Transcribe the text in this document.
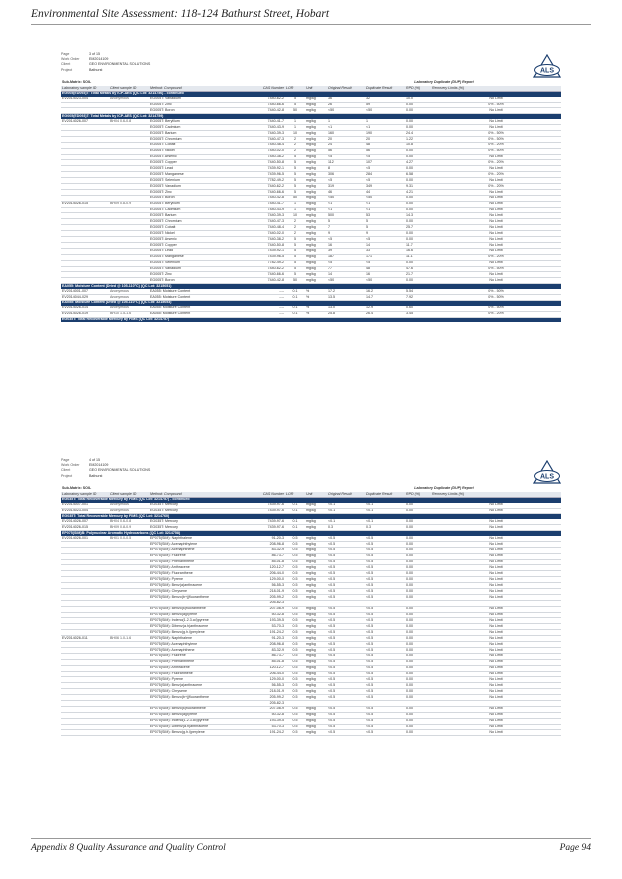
Environmental Site Assessment: 118-124 Bathurst Street, Hobart
Page	3 of 15
Work Order	EM2014109
Client	GEO ENVIRONMENTAL SOLUTIONS
Project	Bathurst	ALS
Sub-Matrix: SOIL						Laboratory Duplicate (DUP) Report			
Laboratory sample ID	Client sample ID	Method: Compound	CAS Number	LOR	Unit	Original Result	Duplicate Result	RPD (%)	Recovery Limits (%)
EG005(ED093)T: Total Metals by ICP-AES (QC Lot: 3214756) - continued									
EV2014023-004	Anonymous	EG005T: Vanadium	7440-62-2	5	mg/kg	36	32	10.0	No Limit
		EG005T: Zinc	7440-66-6	5	mg/kg	26	59	0.00	0% - 50%
		EG005T: Boron	7440-42-8	50	mg/kg	<50	<50	0.00	No Limit
EG005(ED093)T: Total Metals by ICP-AES (QC Lot: 3214759)									
EV2014026-007	BH04 0.6-0.8	EG005T: Beryllium	7440-41-7	1	mg/kg	1	1	0.00	No Limit
		EG005T: Cadmium	7440-43-9	1	mg/kg	<1	<1	0.00	No Limit
		EG005T: Barium	7440-39-3	10	mg/kg	160	190	24.4	0% - 50%
		EG005T: Chromium	7440-47-3	2	mg/kg	20	20	1.22	0% - 50%
		EG005T: Cobalt	7440-48-4	2	mg/kg	24	48	10.8	0% - 20%
		EG005T: Nickel	7440-02-0	2	mg/kg	56	56	0.00	0% - 50%
		EG005T: Arsenic	7440-38-2	5	mg/kg	<5	<5	0.00	No Limit
		EG005T: Copper	7440-50-8	5	mg/kg	112	107	4.27	0% - 20%
		EG005T: Lead	7439-92-1	5	mg/kg	8	<5	0.00	No Limit
		EG005T: Manganese	7439-96-5	5	mg/kg	306	284	6.58	0% - 20%
		EG005T: Selenium	7782-49-2	5	mg/kg	<5	<5	0.00	No Limit
		EG005T: Vanadium	7440-62-2	5	mg/kg	319	349	9.31	0% - 20%
		EG005T: Zinc	7440-66-6	5	mg/kg	46	44	4.21	No Limit
		EG005T: Boron	7440-42-8	50	mg/kg	<50	<50	0.00	No Limit
EV2014026-015	BH09 0.8-0.9	EG005T: Beryllium	7440-41-7	1	mg/kg	<1	<1	0.00	No Limit
		EG005T: Cadmium	7440-43-9	1	mg/kg	<1	<1	0.00	No Limit
		EG005T: Barium	7440-39-3	10	mg/kg	500	53	14.3	No Limit
		EG005T: Chromium	7440-47-3	2	mg/kg	5	5	0.00	No Limit
		EG005T: Cobalt	7440-48-4	2	mg/kg	7	5	25.7	No Limit
		EG005T: Nickel	7440-02-0	2	mg/kg	9	9	0.00	No Limit
		EG005T: Arsenic	7440-38-2	5	mg/kg	<5	<5	0.00	No Limit
		EG005T: Copper	7440-50-8	5	mg/kg	16	14	11.7	No Limit
		EG005T: Lead	7439-92-1	5	mg/kg	39	33	16.6	No Limit
		EG005T: Manganese	7439-96-5	5	mg/kg	187	171	11.1	0% - 20%
		EG005T: Selenium	7782-49-2	5	mg/kg	<5	<5	0.00	No Limit
		EG005T: Vanadium	7440-62-2	5	mg/kg	77	48	47.6	0% - 50%
		EG005T: Zinc	7440-66-6	5	mg/kg	14	16	21.7	No Limit
		EG005T: Boron	7440-42-8	50	mg/kg	<50	<50	0.00	No Limit
EA055: Moisture Content (Dried @ 105-110°C) (QC Lot: 3215051)									
EV2014001-007	Anonymous	EA055: Moisture Content	----	0.1	%	17.2	16.2	5.54	0% - 50%
EV2014044-029	Anonymous	EA055: Moisture Content	----	0.1	%	13.5	14.7	7.92	0% - 50%
EA055: Moisture Content (Dried @ 105-110°C) (QC Lot: 3215053)									
EV2014026-014	Anonymous	EA055: Moisture Content	----	0.1	%	13.0	12.9	0.60	0% - 50%
EV2014026-019	BH10 1.5-1.6	EA055: Moisture Content	----	0.1	%	25.8	26.4	3.45	0% - 20%
EG035T: Total Recoverable Mercury by FIMS (QC Lot: 3214757)									
Page	4 of 15
Work Order	EM2014109
Client	GEO ENVIRONMENTAL SOLUTIONS
Project	Bathurst	ALS
Sub-Matrix: SOIL						Laboratory Duplicate (DUP) Report			
Laboratory sample ID	Client sample ID	Method: Compound	CAS Number	LOR	Unit	Original Result	Duplicate Result	RPD (%)	Recovery Limits (%)
EG035T: Total Recoverable Mercury by FIMS (QC Lot: 3214757) - continued									
EV2014007-001	Anonymous	EG035T: Mercury	7439-97-6	0.1	mg/kg	<0.1	<0.1	0.00	No Limit
EV2014023-004	Anonymous	EG035T: Mercury	7439-97-6	0.1	mg/kg	<0.1	<0.1	0.00	No Limit
EG035T: Total Recoverable Mercury by FIMS (QC Lot: 3214760)									
EV2014026-007	BH04 0.6-0.8	EG035T: Mercury	7439-97-6	0.1	mg/kg	<0.1	<0.1	0.00	No Limit
EV2014026-015	BH09 0.8-0.9	EG035T: Mercury	7439-97-6	0.1	mg/kg	0.3	0.3	0.00	No Limit
EP075(SIM)B: Polynuclear Aromatic Hydrocarbons (QC Lot: 3214758)									
EV2014026-001	BH01 0.0-0.5	EP075(SIM): Naphthalene	91-20-3	0.5	mg/kg	<0.5	<0.5	0.00	No Limit
		EP075(SIM): Acenaphthylene	208-96-8	0.5	mg/kg	<0.5	<0.5	0.00	No Limit
		EP075(SIM): Acenaphthene	83-32-9	0.5	mg/kg	<0.5	<0.5	0.00	No Limit
		EP075(SIM): Fluorene	86-73-7	0.5	mg/kg	<0.5	<0.5	0.00	No Limit
		EP075(SIM): Phenanthrene	85-01-8	0.5	mg/kg	<0.5	<0.5	0.00	No Limit
		EP075(SIM): Anthracene	120-12-7	0.5	mg/kg	<0.5	<0.5	0.00	No Limit
		EP075(SIM): Fluoranthene	206-44-0	0.5	mg/kg	<0.5	<0.5	0.00	No Limit
		EP075(SIM): Pyrene	129-00-0	0.5	mg/kg	<0.5	<0.5	0.00	No Limit
		EP075(SIM): Benz(a)anthracene	56-55-3	0.5	mg/kg	<0.5	<0.5	0.00	No Limit
		EP075(SIM): Chrysene	218-01-9	0.5	mg/kg	<0.5	<0.5	0.00	No Limit
		EP075(SIM): Benzo(b+j)fluoranthene	205-99-2	0.5	mg/kg	<0.5	<0.5	0.00	No Limit
			205-82-3						
		EP075(SIM): Benzo(k)fluoranthene	207-08-9	0.5	mg/kg	<0.5	<0.5	0.00	No Limit
		EP075(SIM): Benzo(a)pyrene	50-32-8	0.5	mg/kg	<0.5	<0.5	0.00	No Limit
		EP075(SIM): Indeno(1.2.3.cd)pyrene	193-39-5	0.5	mg/kg	<0.5	<0.5	0.00	No Limit
		EP075(SIM): Dibenz(a.h)anthracene	53-70-3	0.5	mg/kg	<0.5	<0.5	0.00	No Limit
		EP075(SIM): Benzo(g.h.i)perylene	191-24-2	0.5	mg/kg	<0.5	<0.5	0.00	No Limit
EV2014026-011	BH06 1.0-1.6	EP075(SIM): Naphthalene	91-20-3	0.5	mg/kg	<0.5	<0.5	0.00	No Limit
		EP075(SIM): Acenaphthylene	208-96-8	0.5	mg/kg	<0.5	<0.5	0.00	No Limit
		EP075(SIM): Acenaphthene	83-32-9	0.5	mg/kg	<0.5	<0.5	0.00	No Limit
		EP075(SIM): Fluorene	86-73-7	0.5	mg/kg	<0.5	<0.5	0.00	No Limit
		EP075(SIM): Phenanthrene	85-01-8	0.5	mg/kg	<0.5	<0.5	0.00	No Limit
		EP075(SIM): Anthracene	120-12-7	0.5	mg/kg	<0.5	<0.5	0.00	No Limit
		EP075(SIM): Fluoranthene	206-44-0	0.5	mg/kg	<0.5	<0.5	0.00	No Limit
		EP075(SIM): Pyrene	129-00-0	0.5	mg/kg	<0.5	<0.5	0.00	No Limit
		EP075(SIM): Benz(a)anthracene	56-55-3	0.5	mg/kg	<0.5	<0.5	0.00	No Limit
		EP075(SIM): Chrysene	218-01-9	0.5	mg/kg	<0.5	<0.5	0.00	No Limit
		EP075(SIM): Benzo(b+j)fluoranthene	205-99-2	0.5	mg/kg	<0.5	<0.5	0.00	No Limit
			205-82-3						
		EP075(SIM): Benzo(k)fluoranthene	207-08-9	0.5	mg/kg	<0.5	<0.5	0.00	No Limit
		EP075(SIM): Benzo(a)pyrene	50-32-8	0.5	mg/kg	<0.5	<0.5	0.00	No Limit
		EP075(SIM): Indeno(1.2.3.cd)pyrene	193-39-5	0.5	mg/kg	<0.5	<0.5	0.00	No Limit
		EP075(SIM): Dibenz(a.h)anthracene	53-70-3	0.5	mg/kg	<0.5	<0.5	0.00	No Limit
		EP075(SIM): Benzo(g.h.i)perylene	191-24-2	0.5	mg/kg	<0.5	<0.5	0.00	No Limit
Appendix 8 Quality Assurance and Quality Control	Page 94
